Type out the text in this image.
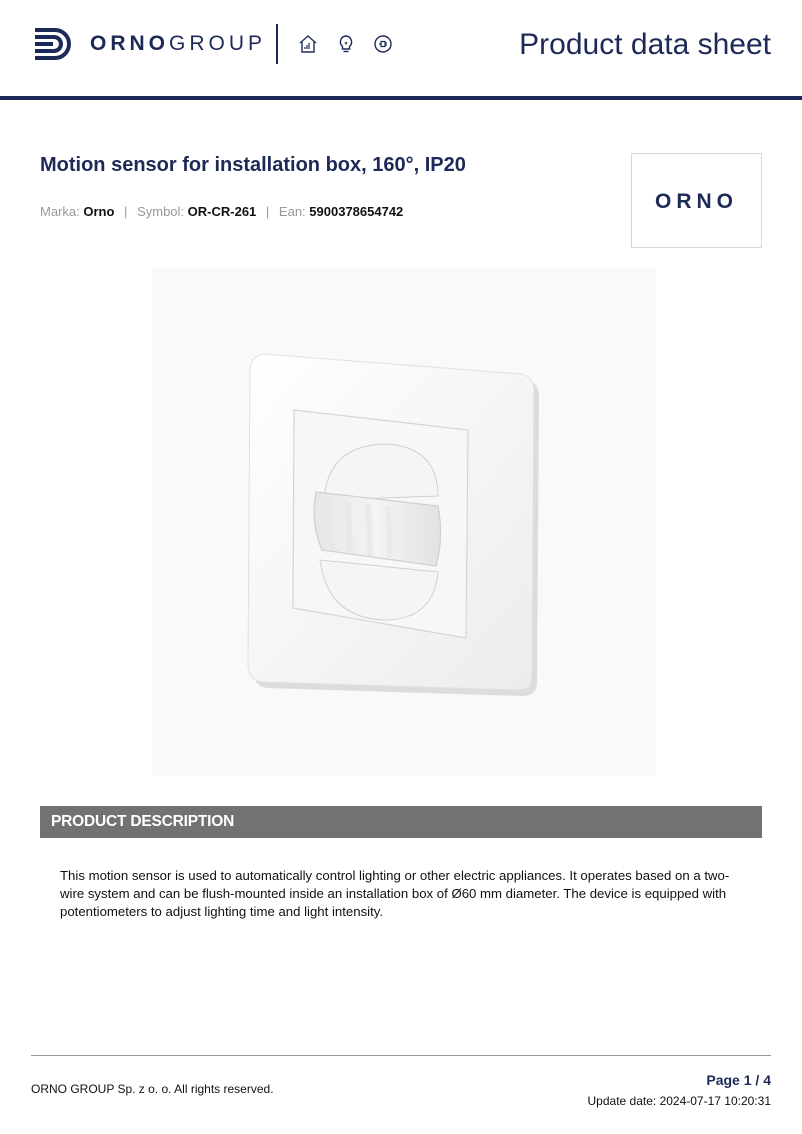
ORNOGROUP	Product data sheet
Motion sensor for installation box, 160°, IP20
Marka: Orno | Symbol: OR-CR-261 | Ean: 5900378654742	ORNO
PRODUCT DESCRIPTION
This motion sensor is used to automatically control lighting or other electric appliances. It operates based on a two-wire system and can be flush-mounted inside an installation box of Ø60 mm diameter. The device is equipped with potentiometers to adjust lighting time and light intensity.
ORNO GROUP Sp. z o. o. All rights reserved.
Page 1 / 4
Update date: 2024-07-17 10:20:31
